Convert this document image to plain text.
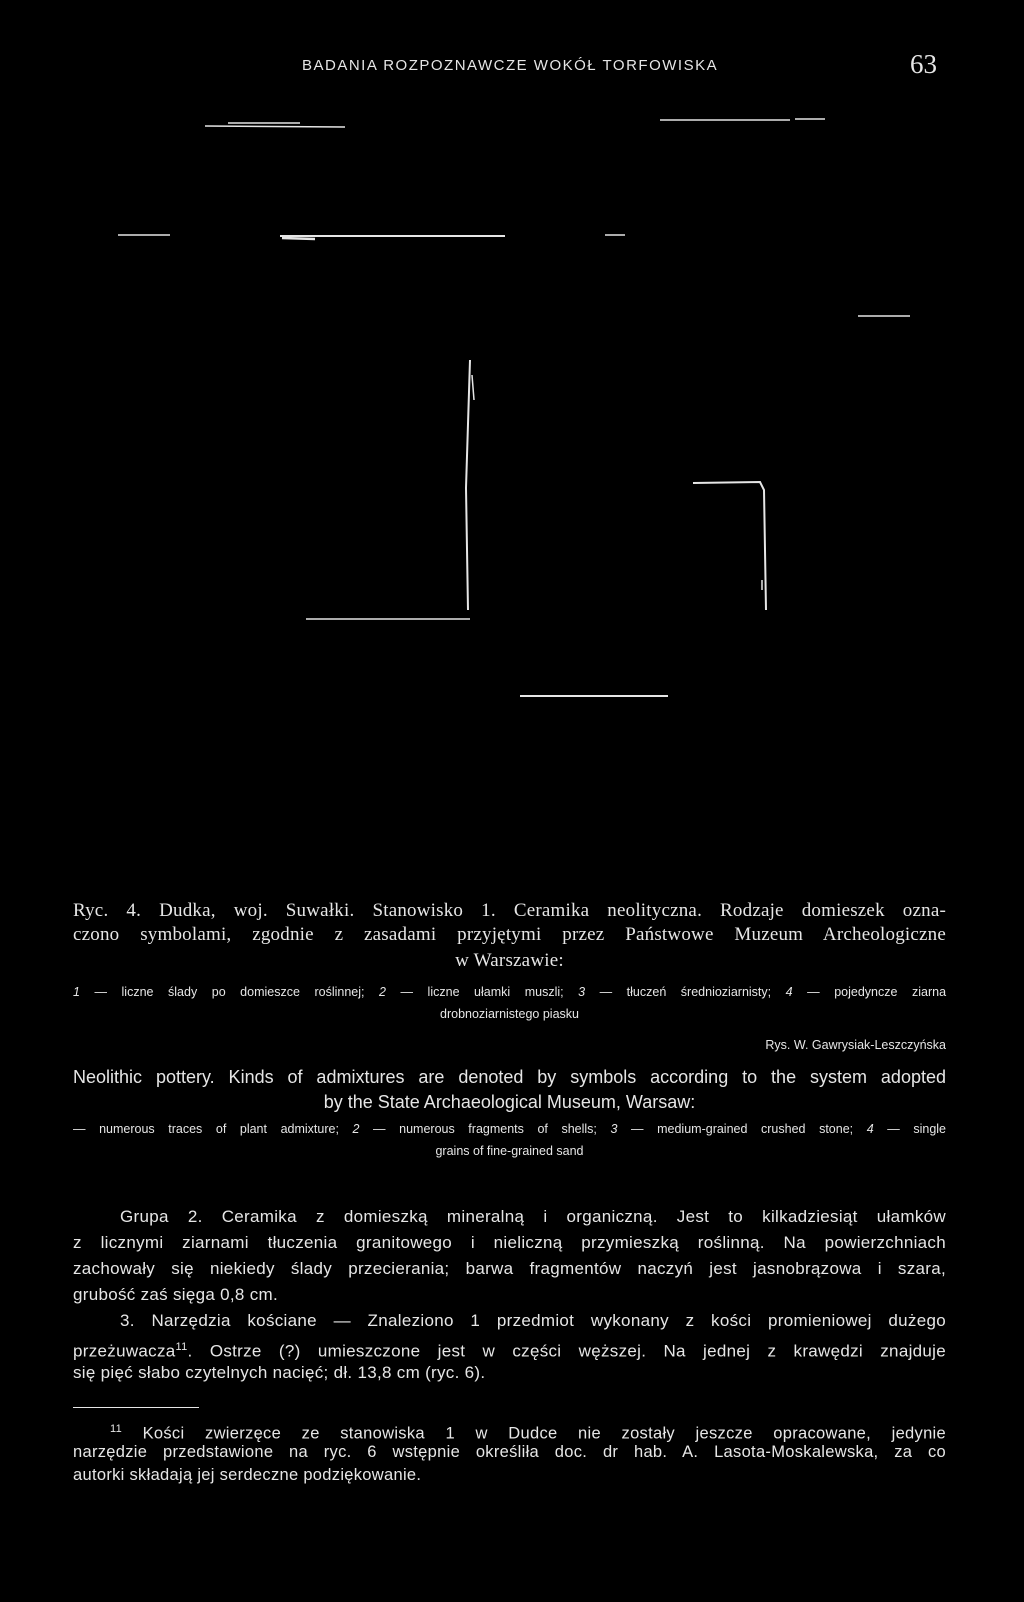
BADANIA ROZPOZNAWCZE WOKÓŁ TORFOWISKA	63
Ryc. 4. Dudka, woj. Suwałki. Stanowisko 1. Ceramika neolityczna. Rodzaje domieszek ozna-
czono symbolami, zgodnie z zasadami przyjętymi przez Państwowe Muzeum Archeologiczne
w Warszawie:
1 — liczne ślady po domieszce roślinnej; 2 — liczne ułamki muszli; 3 — tłuczeń średnioziarnisty; 4 — pojedyncze ziarna
drobnoziarnistego piasku
Rys. W. Gawrysiak-Leszczyńska
Neolithic pottery. Kinds of admixtures are denoted by symbols according to the system adopted
by the State Archaeological Museum, Warsaw:
— numerous traces of plant admixture; 2 — numerous fragments of shells; 3 — medium-grained crushed stone; 4 — single
grains of fine-grained sand
Grupa 2. Ceramika z domieszką mineralną i organiczną. Jest to kilkadziesiąt ułamków
z licznymi ziarnami tłuczenia granitowego i nieliczną przymieszką roślinną. Na powierzchniach
zachowały się niekiedy ślady przecierania; barwa fragmentów naczyń jest jasnobrązowa i szara,
grubość zaś sięga 0,8 cm.
3. Narzędzia kościane — Znaleziono 1 przedmiot wykonany z kości promieniowej dużego
przeżuwacza$^{11}$. Ostrze (?) umieszczone jest w części węższej. Na jednej z krawędzi znajduje
się pięć słabo czytelnych nacięć; dł. 13,8 cm (ryc. 6).
$^{11}$ Kości zwierzęce ze stanowiska 1 w Dudce nie zostały jeszcze opracowane, jedynie
narzędzie przedstawione na ryc. 6 wstępnie określiła doc. dr hab. A. Lasota-Moskalewska, za co
autorki składają jej serdeczne podziękowanie.
